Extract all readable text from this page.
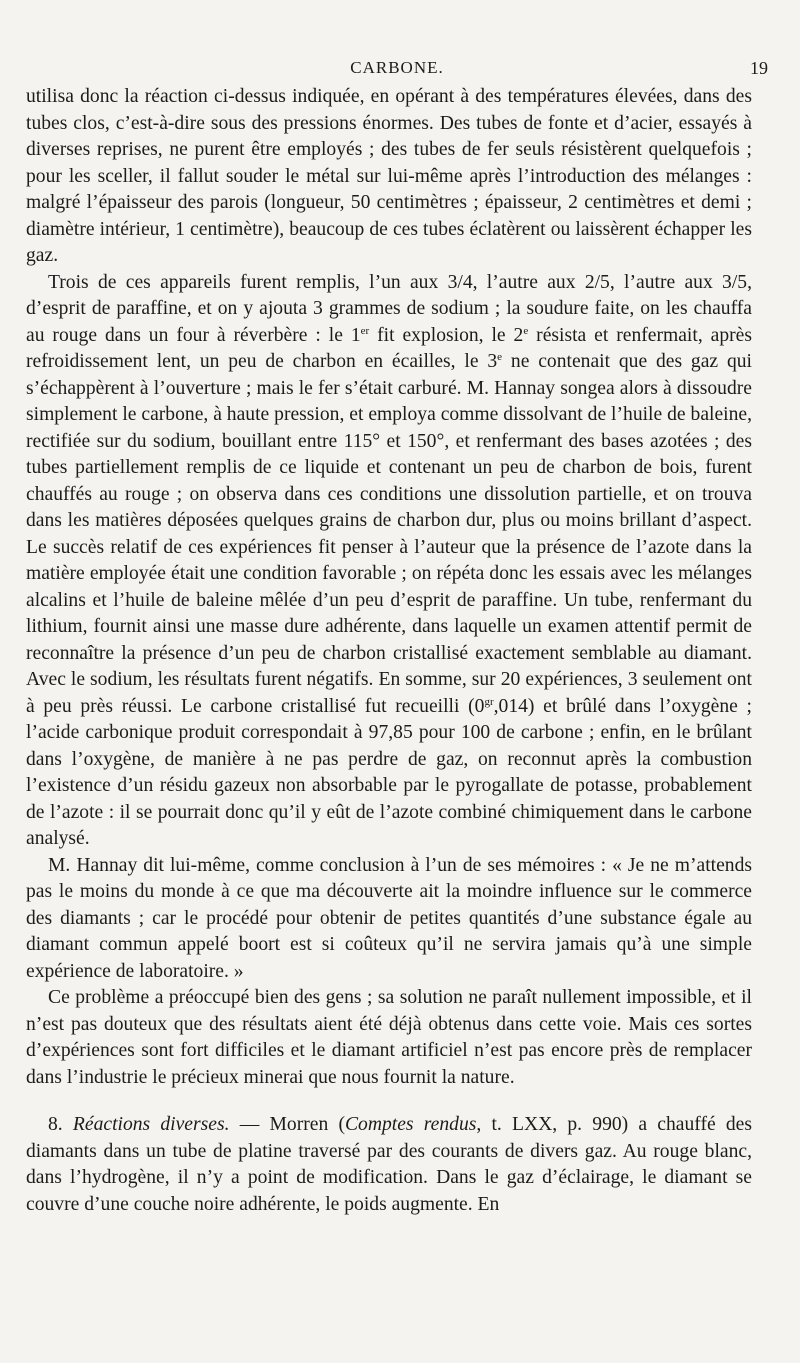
CARBONE.	19

utilisa donc la réaction ci-dessus indiquée, en opérant à des températures élevées, dans des tubes clos, c’est-à-dire sous des pressions énormes. Des tubes de fonte et d’acier, essayés à diverses reprises, ne purent être employés ; des tubes de fer seuls résistèrent quelquefois ; pour les sceller, il fallut souder le métal sur lui-même après l’introduction des mélanges : malgré l’épaisseur des parois (longueur, 50 centimètres ; épaisseur, 2 centimètres et demi ; diamètre intérieur, 1 centimètre), beaucoup de ces tubes éclatèrent ou laissèrent échapper les gaz.

Trois de ces appareils furent remplis, l’un aux 3/4, l’autre aux 2/5, l’autre aux 3/5, d’esprit de paraffine, et on y ajouta 3 grammes de sodium ; la soudure faite, on les chauffa au rouge dans un four à réverbère : le 1er fit explosion, le 2e résista et renfermait, après refroidissement lent, un peu de charbon en écailles, le 3e ne contenait que des gaz qui s’échappèrent à l’ouverture ; mais le fer s’était carburé. M. Hannay songea alors à dissoudre simplement le carbone, à haute pression, et employa comme dissolvant de l’huile de baleine, rectifiée sur du sodium, bouillant entre 115° et 150°, et renfermant des bases azotées ; des tubes partiellement remplis de ce liquide et contenant un peu de charbon de bois, furent chauffés au rouge ; on observa dans ces conditions une dissolution partielle, et on trouva dans les matières déposées quelques grains de charbon dur, plus ou moins brillant d’aspect. Le succès relatif de ces expériences fit penser à l’auteur que la présence de l’azote dans la matière employée était une condition favorable ; on répéta donc les essais avec les mélanges alcalins et l’huile de baleine mêlée d’un peu d’esprit de paraffine. Un tube, renfermant du lithium, fournit ainsi une masse dure adhérente, dans laquelle un examen attentif permit de reconnaître la présence d’un peu de charbon cristallisé exactement semblable au diamant. Avec le sodium, les résultats furent négatifs. En somme, sur 20 expériences, 3 seulement ont à peu près réussi. Le carbone cristallisé fut recueilli $(0^{gr},014)$ et brûlé dans l’oxygène ; l’acide carbonique produit correspondait à 97,85 pour 100 de carbone ; enfin, en le brûlant dans l’oxygène, de manière à ne pas perdre de gaz, on reconnut après la combustion l’existence d’un résidu gazeux non absorbable par le pyrogallate de potasse, probablement de l’azote : il se pourrait donc qu’il y eût de l’azote combiné chimiquement dans le carbone analysé.

M. Hannay dit lui-même, comme conclusion à l’un de ses mémoires : « Je ne m’attends pas le moins du monde à ce que ma découverte ait la moindre influence sur le commerce des diamants ; car le procédé pour obtenir de petites quantités d’une substance égale au diamant commun appelé boort est si coûteux qu’il ne servira jamais qu’à une simple expérience de laboratoire. »

Ce problème a préoccupé bien des gens ; sa solution ne paraît nullement impossible, et il n’est pas douteux que des résultats aient été déjà obtenus dans cette voie. Mais ces sortes d’expériences sont fort difficiles et le diamant artificiel n’est pas encore près de remplacer dans l’industrie le précieux minerai que nous fournit la nature.

8. Réactions diverses. — Morren (Comptes rendus, t. LXX, p. 990) a chauffé des diamants dans un tube de platine traversé par des courants de divers gaz. Au rouge blanc, dans l’hydrogène, il n’y a point de modification. Dans le gaz d’éclairage, le diamant se couvre d’une couche noire adhérente, le poids augmente. En
